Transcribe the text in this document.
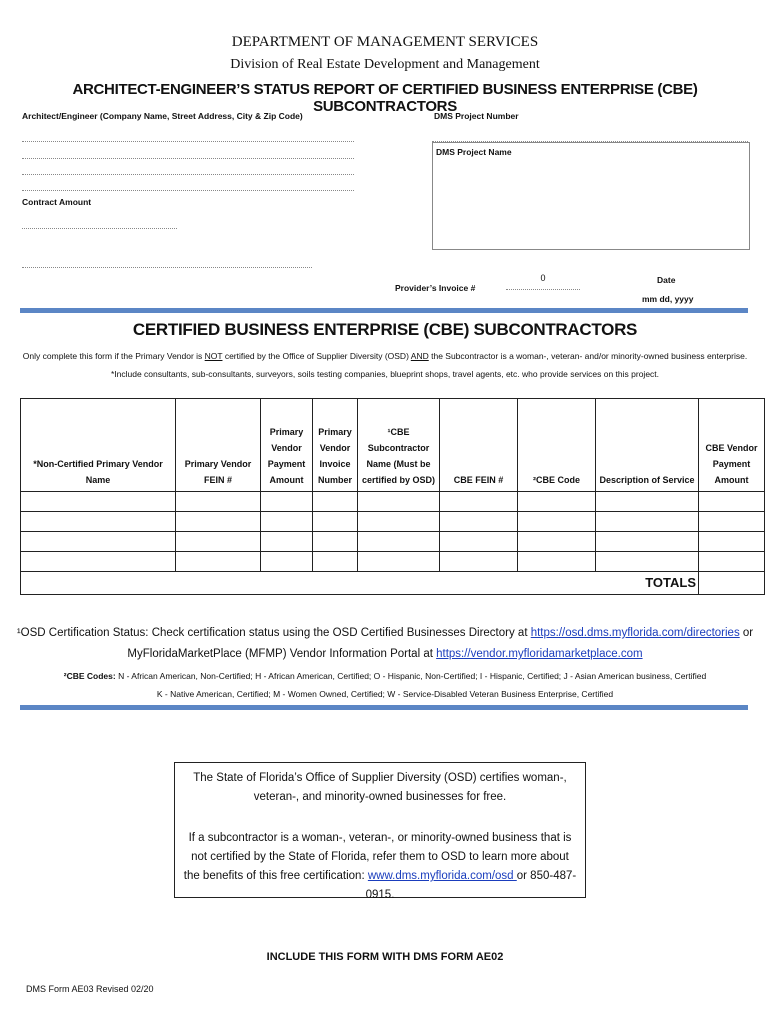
DEPARTMENT OF MANAGEMENT SERVICES
Division of Real Estate Development and Management
ARCHITECT-ENGINEER’S STATUS REPORT OF CERTIFIED BUSINESS ENTERPRISE (CBE) SUBCONTRACTORS
Architect/Engineer (Company Name, Street Address, City & Zip Code)
Contract Amount
DMS Project Number
DMS Project Name
Provider’s Invoice #
0	Date
mm dd, yyyy
CERTIFIED BUSINESS ENTERPRISE (CBE) SUBCONTRACTORS
Only complete this form if the Primary Vendor is NOT certified by the Office of Supplier Diversity (OSD) AND the Subcontractor is a woman-, veteran- and/or minority-owned business enterprise.
*Include consultants, sub-consultants, surveyors, soils testing companies, blueprint shops, travel agents, etc. who provide services on this project.
*Non-Certified Primary Vendor Name	Primary Vendor FEIN #	Primary Vendor Payment Amount	Primary Vendor Invoice Number	¹CBE Subcontractor Name (Must be certified by OSD)	CBE FEIN #	²CBE Code	Description of Service	CBE Vendor Payment Amount

TOTALS								
¹OSD Certification Status: Check certification status using the OSD Certified Businesses Directory at https://osd.dms.myflorida.com/directories or
MyFloridaMarketPlace (MFMP) Vendor Information Portal at https://vendor.myfloridamarketplace.com
²CBE Codes: N - African American, Non-Certified; H - African American, Certified; O - Hispanic, Non-Certified; I - Hispanic, Certified; J - Asian American business, Certified
K - Native American, Certified; M - Women Owned, Certified; W - Service-Disabled Veteran Business Enterprise, Certified
The State of Florida’s Office of Supplier Diversity (OSD) certifies woman-, veteran-, and minority-owned businesses for free.
If a subcontractor is a woman-, veteran-, or minority-owned business that is not certified by the State of Florida, refer them to OSD to learn more about the benefits of this free certification: www.dms.myflorida.com/osd or 850-487-0915.
INCLUDE THIS FORM WITH DMS FORM AE02
DMS Form AE03 Revised 02/20
